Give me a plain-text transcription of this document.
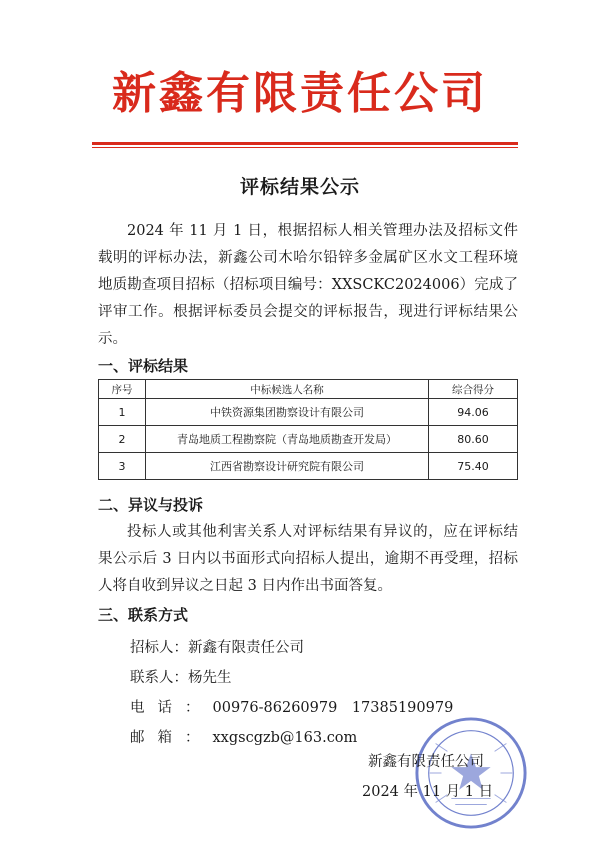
新鑫有限责任公司
评标结果公示
2024 年 11 月 1 日，根据招标人相关管理办法及招标文件载明的评标办法，新鑫公司木哈尔铅锌多金属矿区水文工程环境地质勘查项目招标（招标项目编号：XXSCKC2024006）完成了评审工作。根据评标委员会提交的评标报告，现进行评标结果公示。
一、评标结果
序号	中标候选人名称	综合得分
1	中铁资源集团勘察设计有限公司	94.06
2	青岛地质工程勘察院（青岛地质勘查开发局）	80.60
3	江西省勘察设计研究院有限公司	75.40
二、异议与投诉
投标人或其他利害关系人对评标结果有异议的，应在评标结果公示后 3 日内以书面形式向招标人提出，逾期不再受理，招标人将自收到异议之日起 3 日内作出书面答复。
三、联系方式
招标人：新鑫有限责任公司
联系人：杨先生
电话：00976-86260979　17385190979
邮箱：xxgscgzb@163.com
新鑫有限责任公司
2024 年 11 月 1 日
